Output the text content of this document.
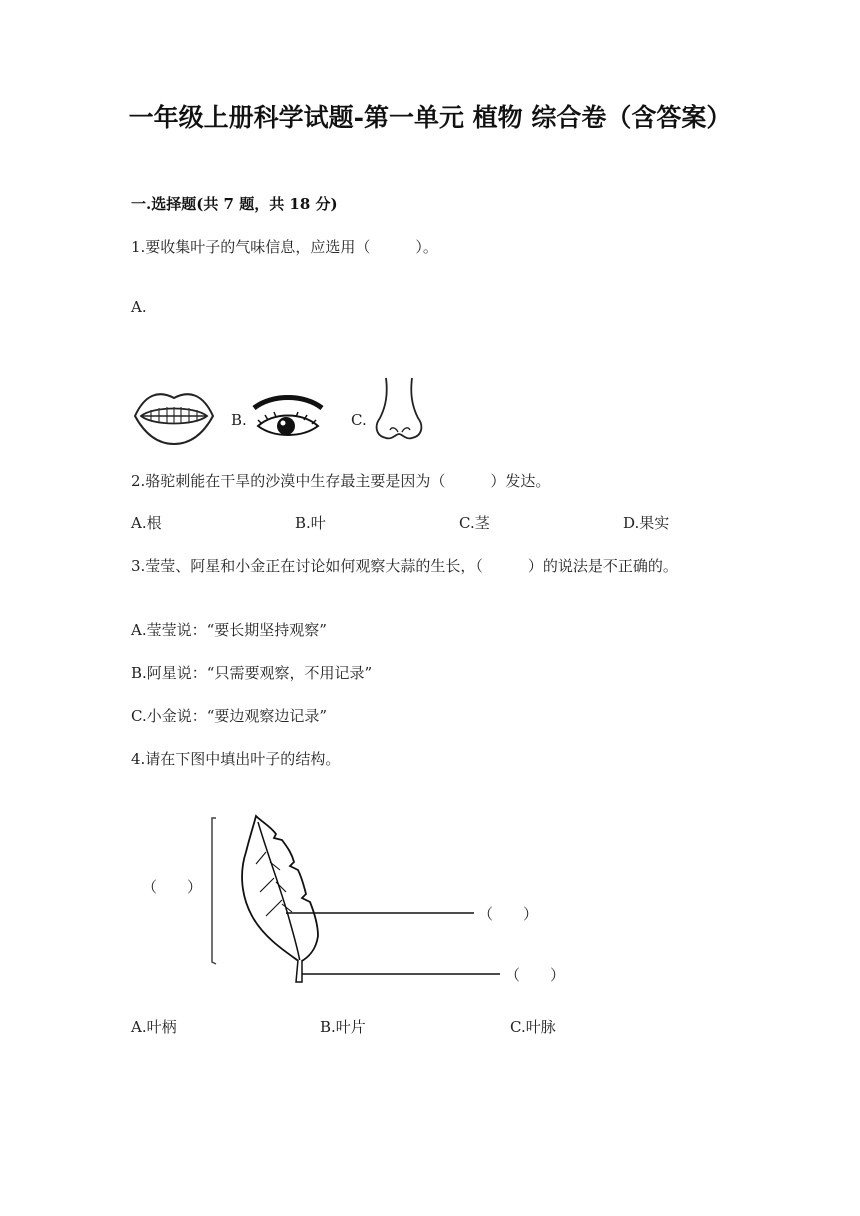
一年级上册科学试题-第一单元 植物 综合卷（含答案）
一.选择题(共 7 题，共 18 分)
1.要收集叶子的气味信息，应选用（　　　）。
A.
B.	C.
2.骆驼刺能在干旱的沙漠中生存最主要是因为（　　　）发达。
A.根	B.叶	C.茎	D.果实
3.莹莹、阿星和小金正在讨论如何观察大蒜的生长，（　　　）的说法是不正确的。
A.莹莹说：“要长期坚持观察”
B.阿星说：“只需要观察，不用记录”
C.小金说：“要边观察边记录”
4.请在下图中填出叶子的结构。
（　　）
（　　）
（　　）
A.叶柄	B.叶片	C.叶脉
